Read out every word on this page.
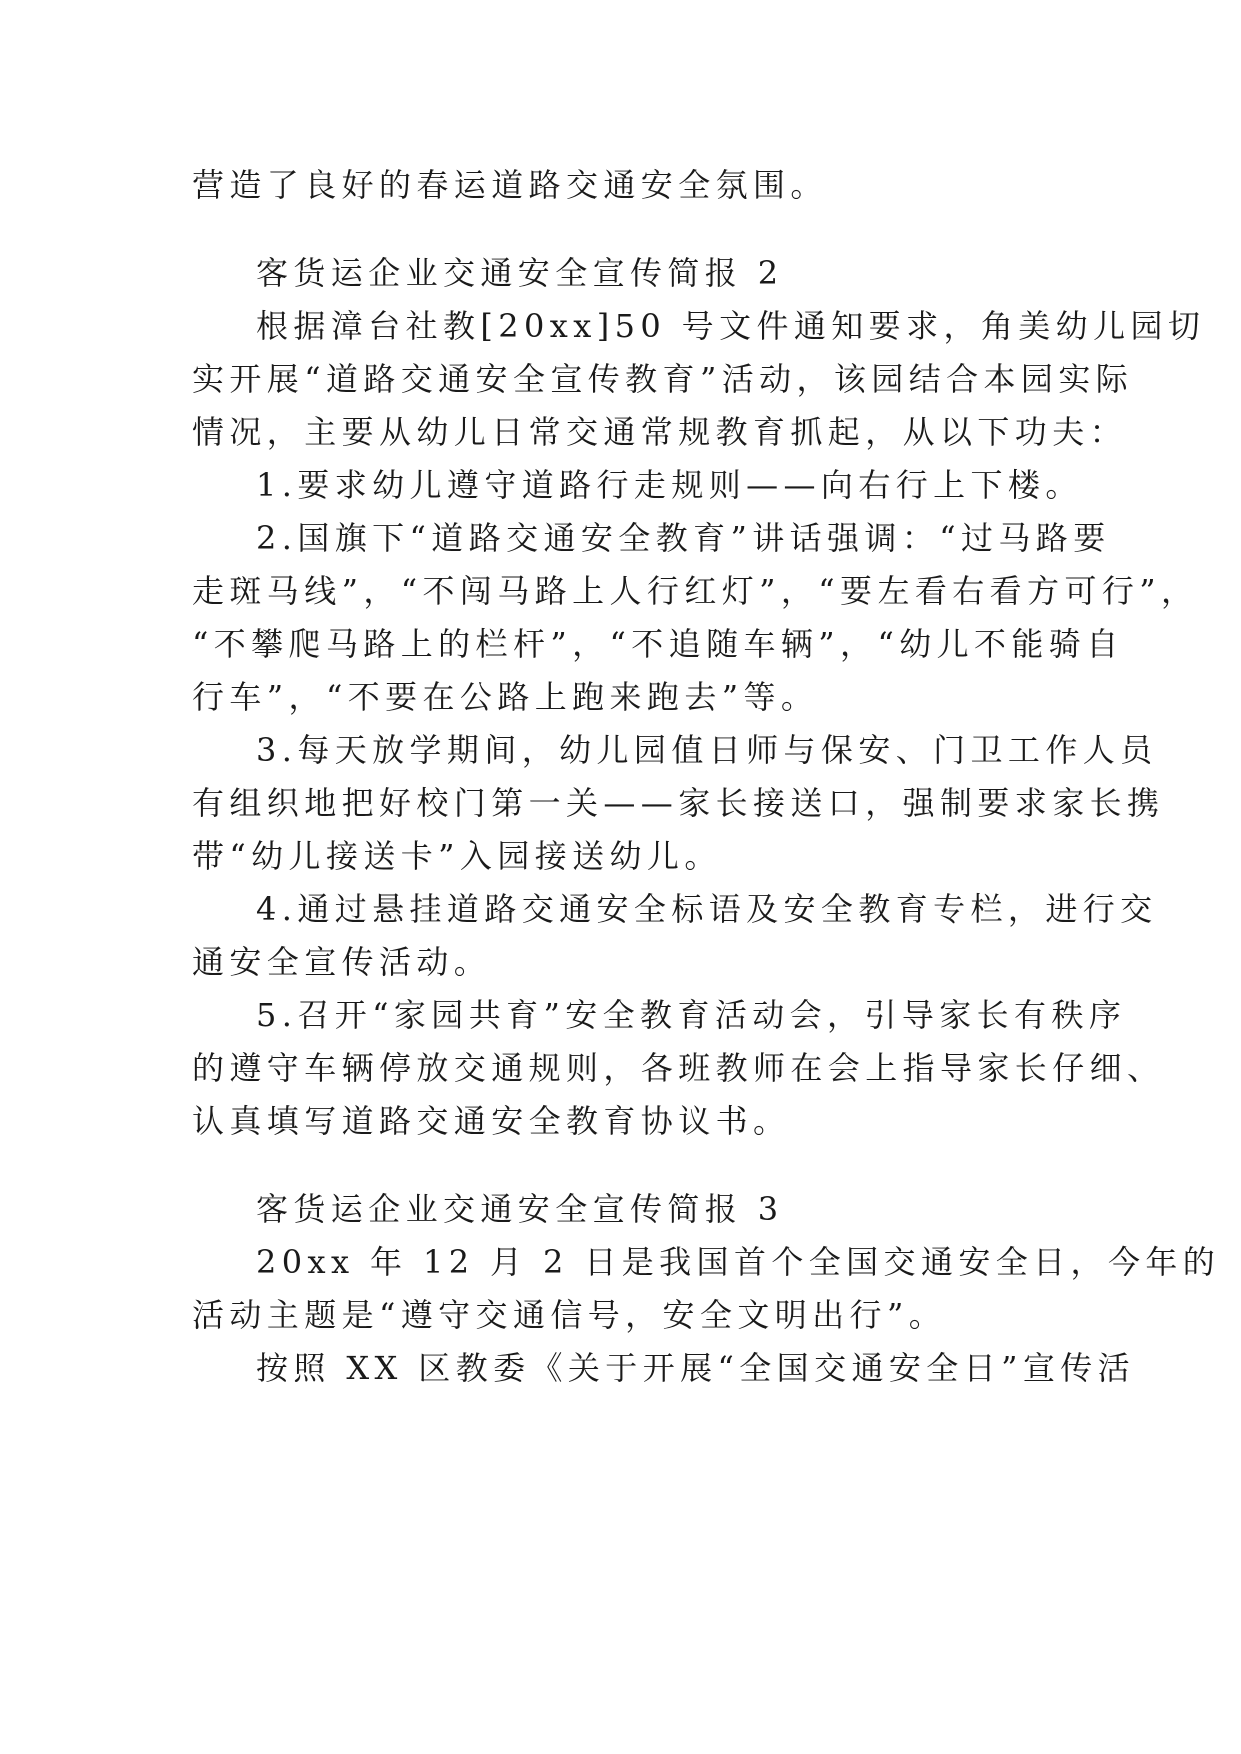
营造了良好的春运道路交通安全氛围。
客货运企业交通安全宣传简报 2
根据漳台社教[20xx]50 号文件通知要求，角美幼儿园切
实开展“道路交通安全宣传教育”活动，该园结合本园实际
情况，主要从幼儿日常交通常规教育抓起，从以下功夫：
1.要求幼儿遵守道路行走规则——向右行上下楼。
2.国旗下“道路交通安全教育”讲话强调：“过马路要
走斑马线”，“不闯马路上人行红灯”，“要左看右看方可行”，
“不攀爬马路上的栏杆”，“不追随车辆”，“幼儿不能骑自
行车”，“不要在公路上跑来跑去”等。
3.每天放学期间，幼儿园值日师与保安、门卫工作人员
有组织地把好校门第一关——家长接送口，强制要求家长携
带“幼儿接送卡”入园接送幼儿。
4.通过悬挂道路交通安全标语及安全教育专栏，进行交
通安全宣传活动。
5.召开“家园共育”安全教育活动会，引导家长有秩序
的遵守车辆停放交通规则，各班教师在会上指导家长仔细、
认真填写道路交通安全教育协议书。
客货运企业交通安全宣传简报 3
20xx 年 12 月 2 日是我国首个全国交通安全日，今年的
活动主题是“遵守交通信号，安全文明出行”。
按照 XX 区教委《关于开展“全国交通安全日”宣传活
